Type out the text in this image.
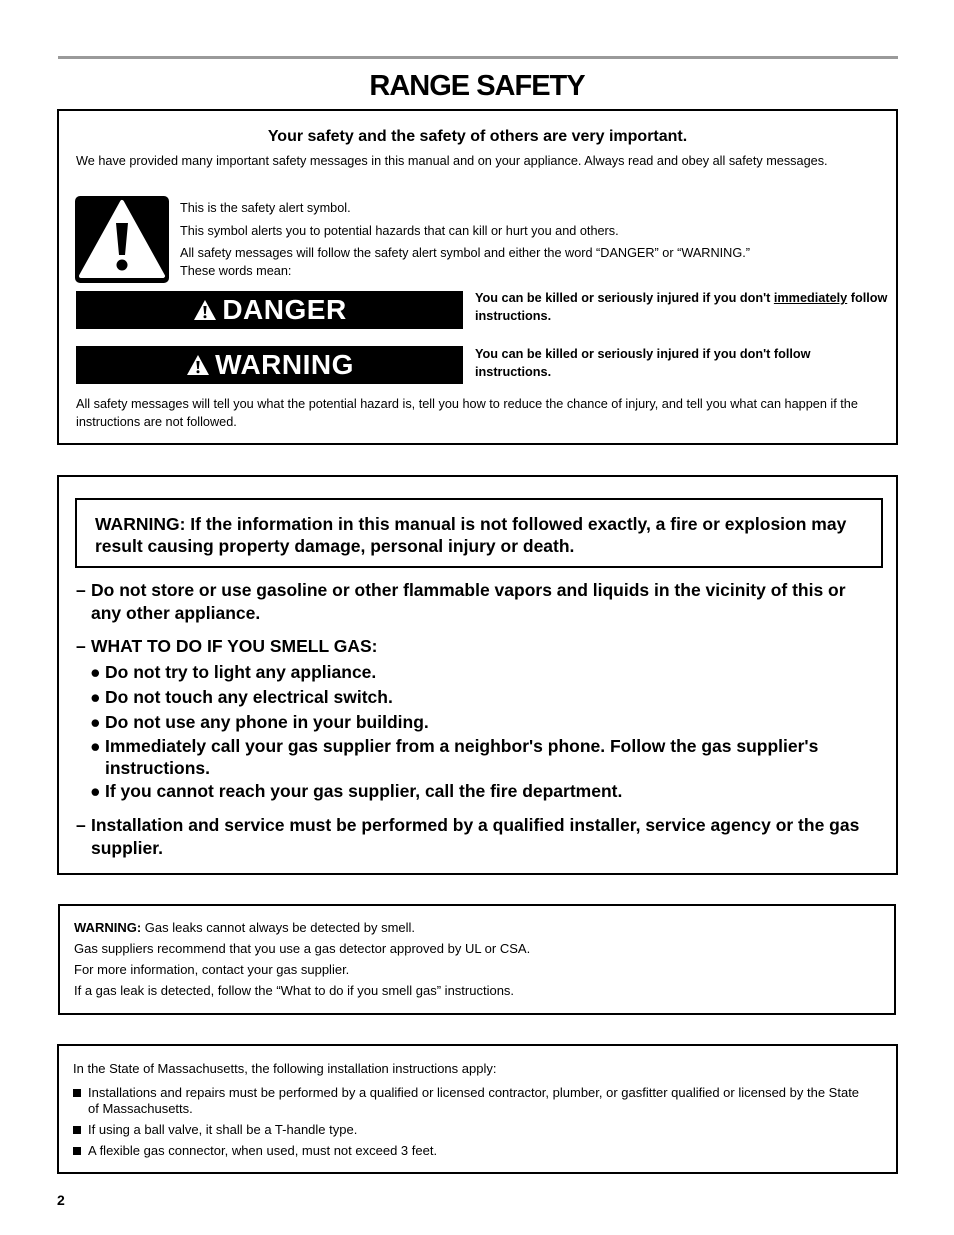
RANGE SAFETY
Your safety and the safety of others are very important.
We have provided many important safety messages in this manual and on your appliance. Always read and obey all safety messages.
This is the safety alert symbol.
This symbol alerts you to potential hazards that can kill or hurt you and others.
All safety messages will follow the safety alert symbol and either the word “DANGER” or “WARNING.”
These words mean:
DANGER	You can be killed or seriously injured if you don't immediately follow instructions.
WARNING	You can be killed or seriously injured if you don't follow instructions.
All safety messages will tell you what the potential hazard is, tell you how to reduce the chance of injury, and tell you what can happen if the instructions are not followed.
WARNING: If the information in this manual is not followed exactly, a fire or explosion may result causing property damage, personal injury or death.
– Do not store or use gasoline or other flammable vapors and liquids in the vicinity of this or any other appliance.
– WHAT TO DO IF YOU SMELL GAS:
● Do not try to light any appliance.
● Do not touch any electrical switch.
● Do not use any phone in your building.
● Immediately call your gas supplier from a neighbor's phone. Follow the gas supplier's instructions.
● If you cannot reach your gas supplier, call the fire department.
– Installation and service must be performed by a qualified installer, service agency or the gas supplier.
WARNING: Gas leaks cannot always be detected by smell.
Gas suppliers recommend that you use a gas detector approved by UL or CSA.
For more information, contact your gas supplier.
If a gas leak is detected, follow the “What to do if you smell gas” instructions.
In the State of Massachusetts, the following installation instructions apply:
Installations and repairs must be performed by a qualified or licensed contractor, plumber, or gasfitter qualified or licensed by the State of Massachusetts.
If using a ball valve, it shall be a T-handle type.
A flexible gas connector, when used, must not exceed 3 feet.
2
